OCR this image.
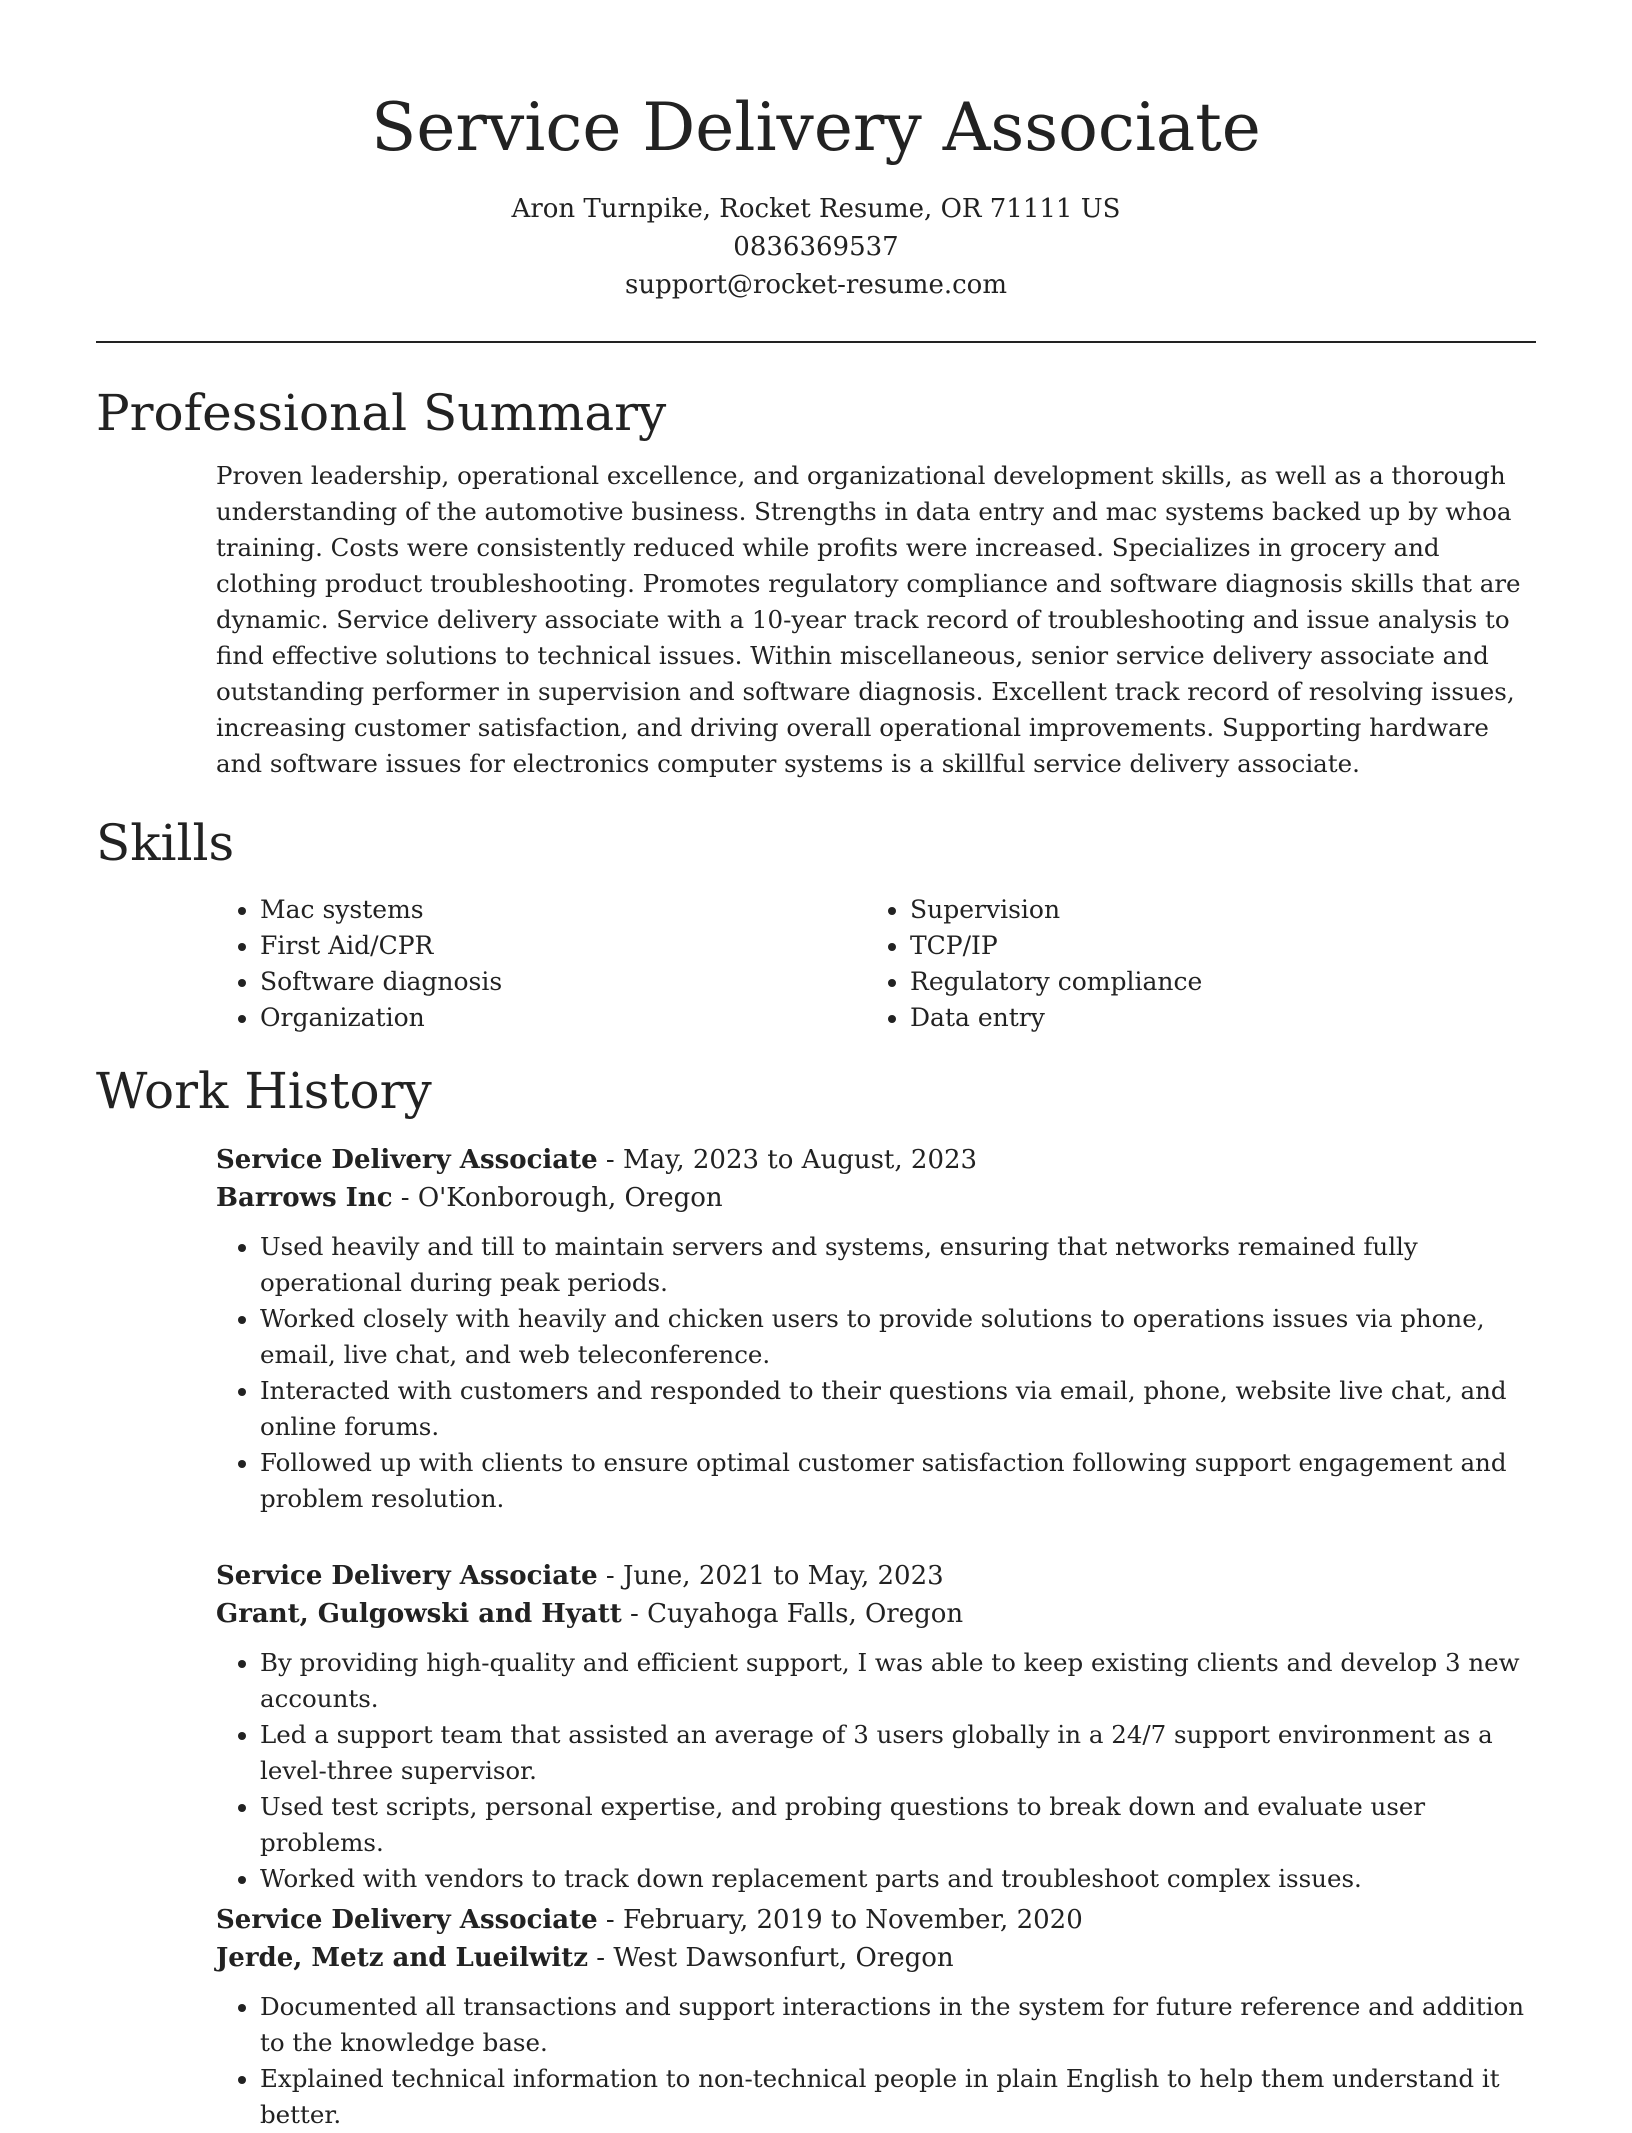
Service Delivery Associate
Aron Turnpike, Rocket Resume, OR 71111 US
0836369537
support@rocket-resume.com
Professional Summary

Proven leadership, operational excellence, and organizational development skills, as well as a thorough understanding of the automotive business. Strengths in data entry and mac systems backed up by whoa training. Costs were consistently reduced while profits were increased. Specializes in grocery and clothing product troubleshooting. Promotes regulatory compliance and software diagnosis skills that are dynamic. Service delivery associate with a 10-year track record of troubleshooting and issue analysis to find effective solutions to technical issues. Within miscellaneous, senior service delivery associate and outstanding performer in supervision and software diagnosis. Excellent track record of resolving issues, increasing customer satisfaction, and driving overall operational improvements. Supporting hardware and software issues for electronics computer systems is a skillful service delivery associate.

Skills
• Mac systems
• First Aid/CPR
• Software diagnosis
• Organization
• Supervision
• TCP/IP
• Regulatory compliance
• Data entry
Work History

Service Delivery Associate - May, 2023 to August, 2023

Barrows Inc - O'Konborough, Oregon

• Used heavily and till to maintain servers and systems, ensuring that networks remained fully operational during peak periods.
• Worked closely with heavily and chicken users to provide solutions to operations issues via phone, email, live chat, and web teleconference.
• Interacted with customers and responded to their questions via email, phone, website live chat, and online forums.
• Followed up with clients to ensure optimal customer satisfaction following support engagement and problem resolution.

Service Delivery Associate - June, 2021 to May, 2023

Grant, Gulgowski and Hyatt - Cuyahoga Falls, Oregon

• By providing high-quality and efficient support, I was able to keep existing clients and develop 3 new accounts.
• Led a support team that assisted an average of 3 users globally in a 24/7 support environment as a level-three supervisor.
• Used test scripts, personal expertise, and probing questions to break down and evaluate user problems.
• Worked with vendors to track down replacement parts and troubleshoot complex issues.

Service Delivery Associate - February, 2019 to November, 2020

Jerde, Metz and Lueilwitz - West Dawsonfurt, Oregon

• Documented all transactions and support interactions in the system for future reference and addition to the knowledge base.
• Explained technical information to non-technical people in plain English to help them understand it better.
